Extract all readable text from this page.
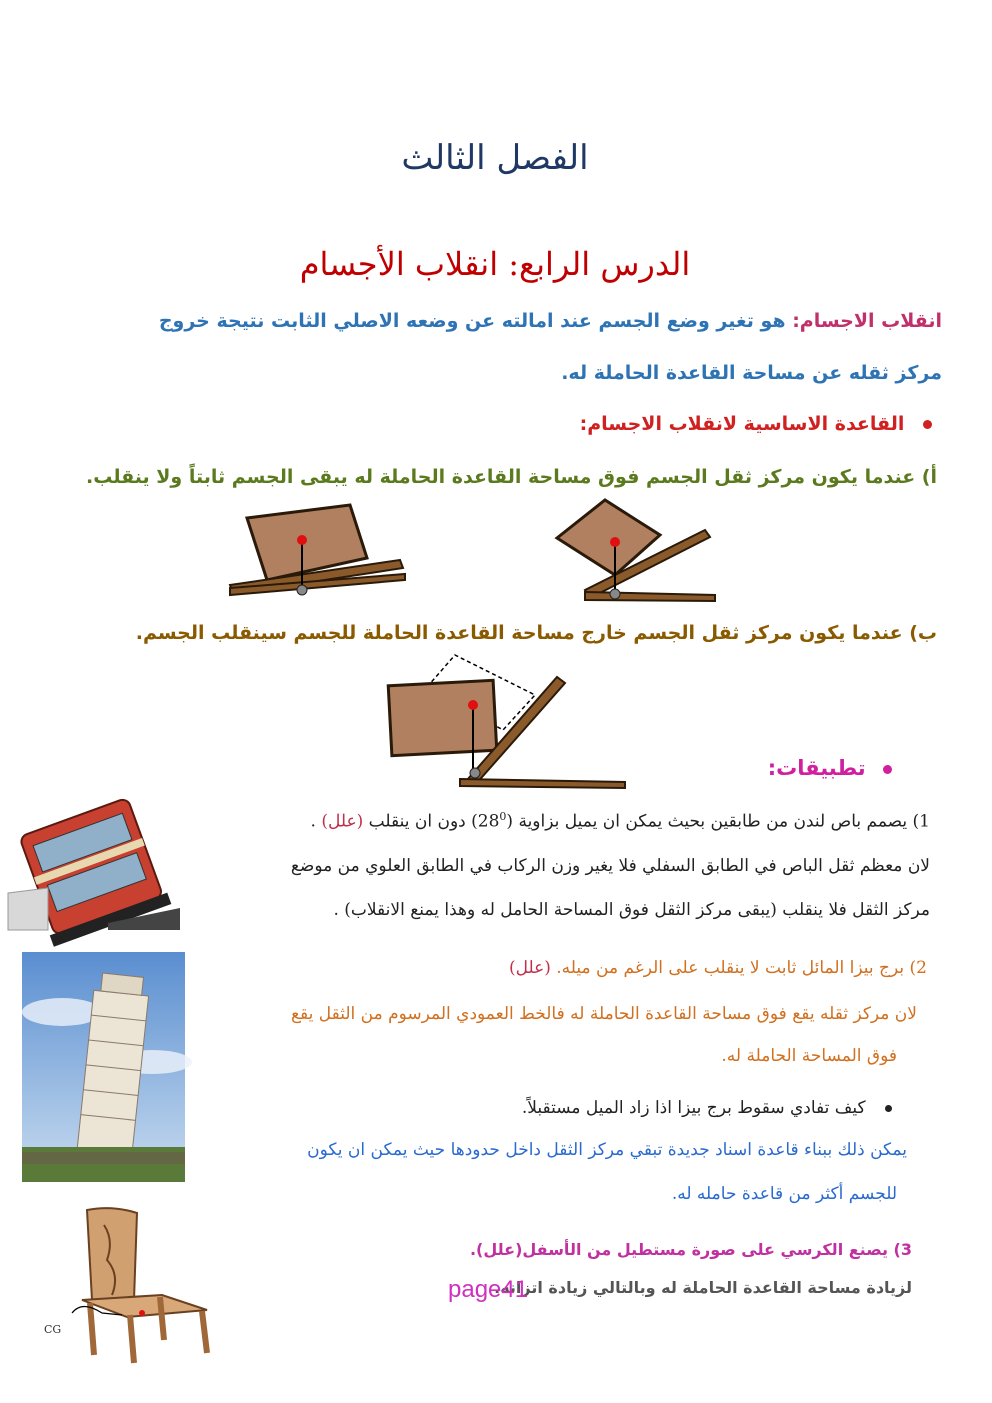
الفصل الثالث
الدرس الرابع: انقلاب الأجسام
انقلاب الاجسام: هو تغير وضع الجسم عند امالته عن وضعه الاصلي الثابت نتيجة خروج
مركز ثقله عن مساحة القاعدة الحاملة له.
القاعدة الاساسية لانقلاب الاجسام:
أ) عندما يكون مركز ثقل الجسم فوق مساحة القاعدة الحاملة له يبقى الجسم ثابتاً ولا ينقلب.
ب) عندما يكون مركز ثقل الجسم خارج مساحة القاعدة الحاملة للجسم سينقلب الجسم.
تطبيقات:
1) يصمم باص لندن من طابقين بحيث يمكن ان يميل بزاوية $(28^0)$ دون ان ينقلب (علل) .
لان معظم ثقل الباص في الطابق السفلي فلا يغير وزن الركاب في الطابق العلوي من موضع
مركز الثقل فلا ينقلب (يبقى مركز الثقل فوق المساحة الحامل له وهذا يمنع الانقلاب) .
2) برج بيزا المائل ثابت لا ينقلب على الرغم من ميله. (علل)
لان مركز ثقله يقع فوق مساحة القاعدة الحاملة له فالخط العمودي المرسوم من الثقل يقع
فوق المساحة الحاملة له.
كيف تفادي سقوط برج بيزا اذا زاد الميل مستقبلاً.
يمكن ذلك ببناء قاعدة اسناد جديدة تبقي مركز الثقل داخل حدودها حيث يمكن ان يكون
للجسم أكثر من قاعدة حامله له.
CG
3) يصنع الكرسي على صورة مستطيل من الأسفل(علل).
لزيادة مساحة القاعدة الحاملة له وبالتالي زيادة اتزانه.
page41
